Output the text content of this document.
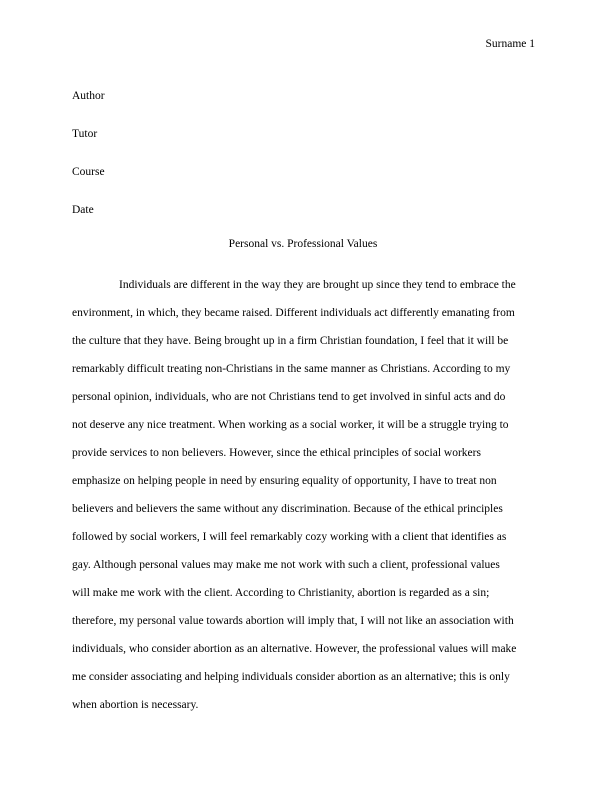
Surname 1
Author
Tutor
Course
Date
Personal vs. Professional Values
Individuals are different in the way they are brought up since they tend to embrace the
environment, in which, they became raised. Different individuals act differently emanating from
the culture that they have. Being brought up in a firm Christian foundation, I feel that it will be
remarkably difficult treating non-Christians in the same manner as Christians. According to my
personal opinion, individuals, who are not Christians tend to get involved in sinful acts and do
not deserve any nice treatment. When working as a social worker, it will be a struggle trying to
provide services to non believers. However, since the ethical principles of social workers
emphasize on helping people in need by ensuring equality of opportunity, I have to treat non
believers and believers the same without any discrimination. Because of the ethical principles
followed by social workers, I will feel remarkably cozy working with a client that identifies as
gay. Although personal values may make me not work with such a client, professional values
will make me work with the client. According to Christianity, abortion is regarded as a sin;
therefore, my personal value towards abortion will imply that, I will not like an association with
individuals, who consider abortion as an alternative. However, the professional values will make
me consider associating and helping individuals consider abortion as an alternative; this is only
when abortion is necessary.
